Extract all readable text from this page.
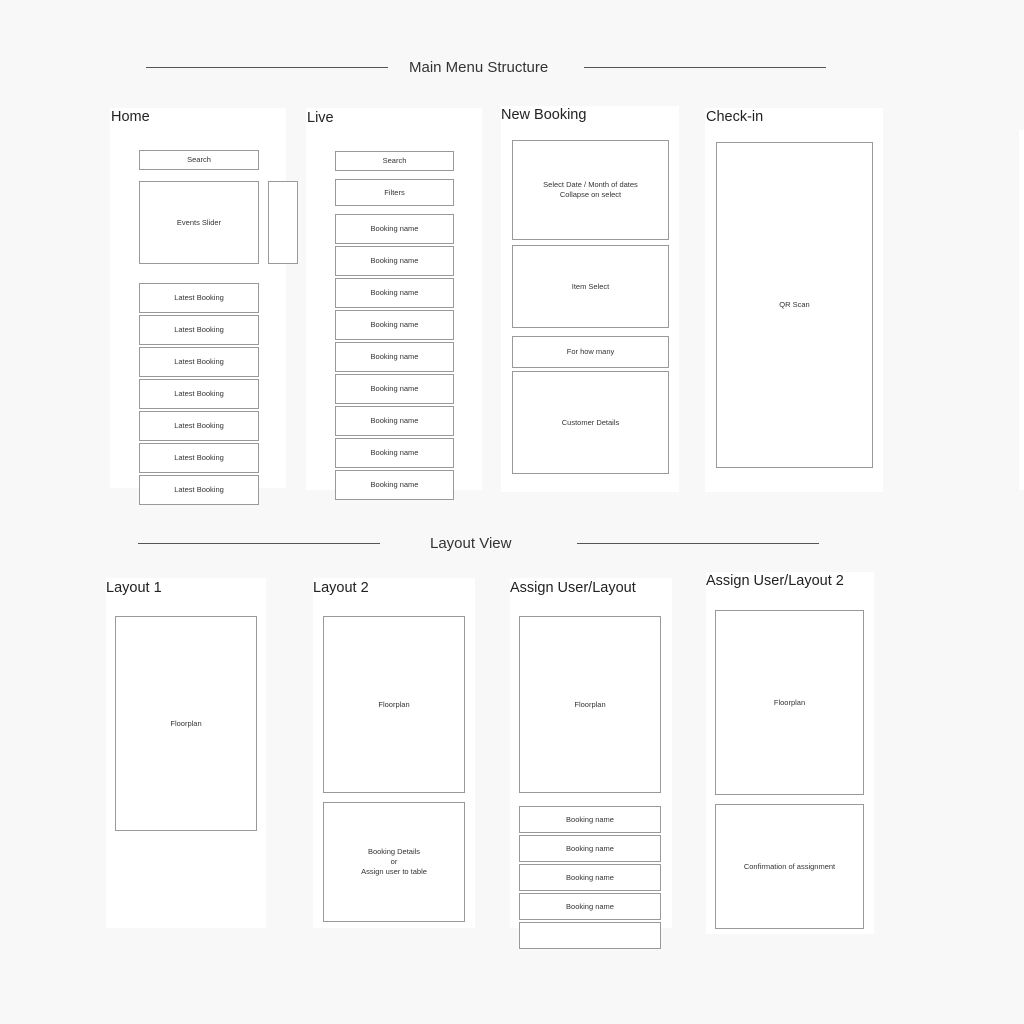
Main Menu Structure
Search
Events Slider
Latest Booking
Latest Booking
Latest Booking
Latest Booking
Latest Booking
Latest Booking
Latest Booking
Home
Search
Filters
Booking name
Booking name
Booking name
Booking name
Booking name
Booking name
Booking name
Booking name
Booking name
Live
Select Date / Month of dates
Collapse on select
Item Select
For how many
Customer Details
New Booking
QR Scan
Check-in
Layout View
Floorplan
Layout 1
Floorplan
Booking Details
or
Assign user to table
Layout 2
Floorplan
Booking name
Booking name
Booking name
Booking name
Assign User/Layout
Floorplan
Confirmation of assignment
Assign User/Layout 2
